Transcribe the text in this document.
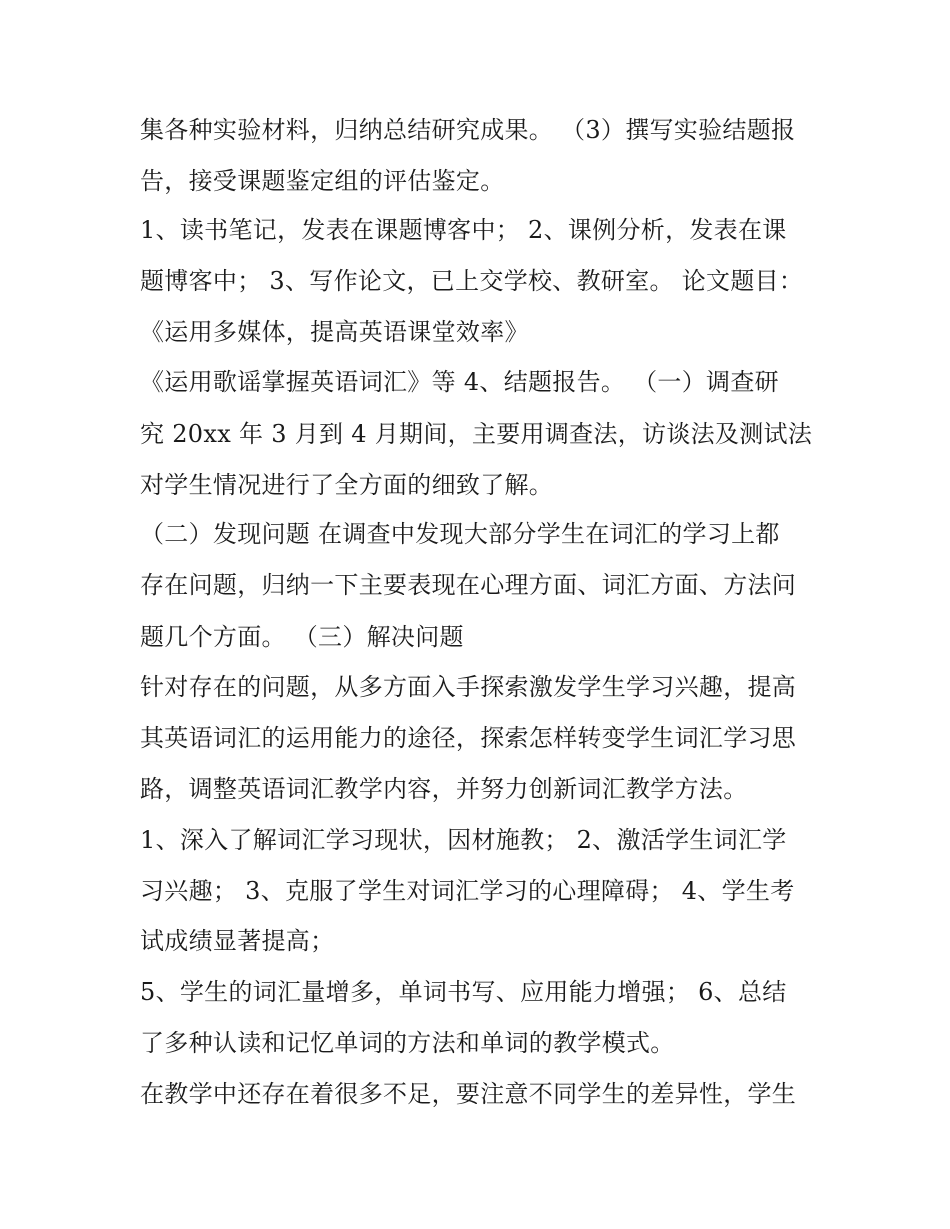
集各种实验材料，归纳总结研究成果。 （3）撰写实验结题报
告，接受课题鉴定组的评估鉴定。
1、读书笔记，发表在课题博客中； 2、课例分析，发表在课
题博客中； 3、写作论文，已上交学校、教研室。 论文题目：
《运用多媒体，提高英语课堂效率》
《运用歌谣掌握英语词汇》等 4、结题报告。 （一）调查研
究 20xx 年 3 月到 4 月期间，主要用调查法，访谈法及测试法
对学生情况进行了全方面的细致了解。
（二）发现问题 在调查中发现大部分学生在词汇的学习上都
存在问题，归纳一下主要表现在心理方面、词汇方面、方法问
题几个方面。 （三）解决问题
针对存在的问题，从多方面入手探索激发学生学习兴趣，提高
其英语词汇的运用能力的途径，探索怎样转变学生词汇学习思
路，调整英语词汇教学内容，并努力创新词汇教学方法。
1、深入了解词汇学习现状，因材施教； 2、激活学生词汇学
习兴趣； 3、克服了学生对词汇学习的心理障碍； 4、学生考
试成绩显著提高；
5、学生的词汇量增多，单词书写、应用能力增强； 6、总结
了多种认读和记忆单词的方法和单词的教学模式。
在教学中还存在着很多不足，要注意不同学生的差异性，学生
